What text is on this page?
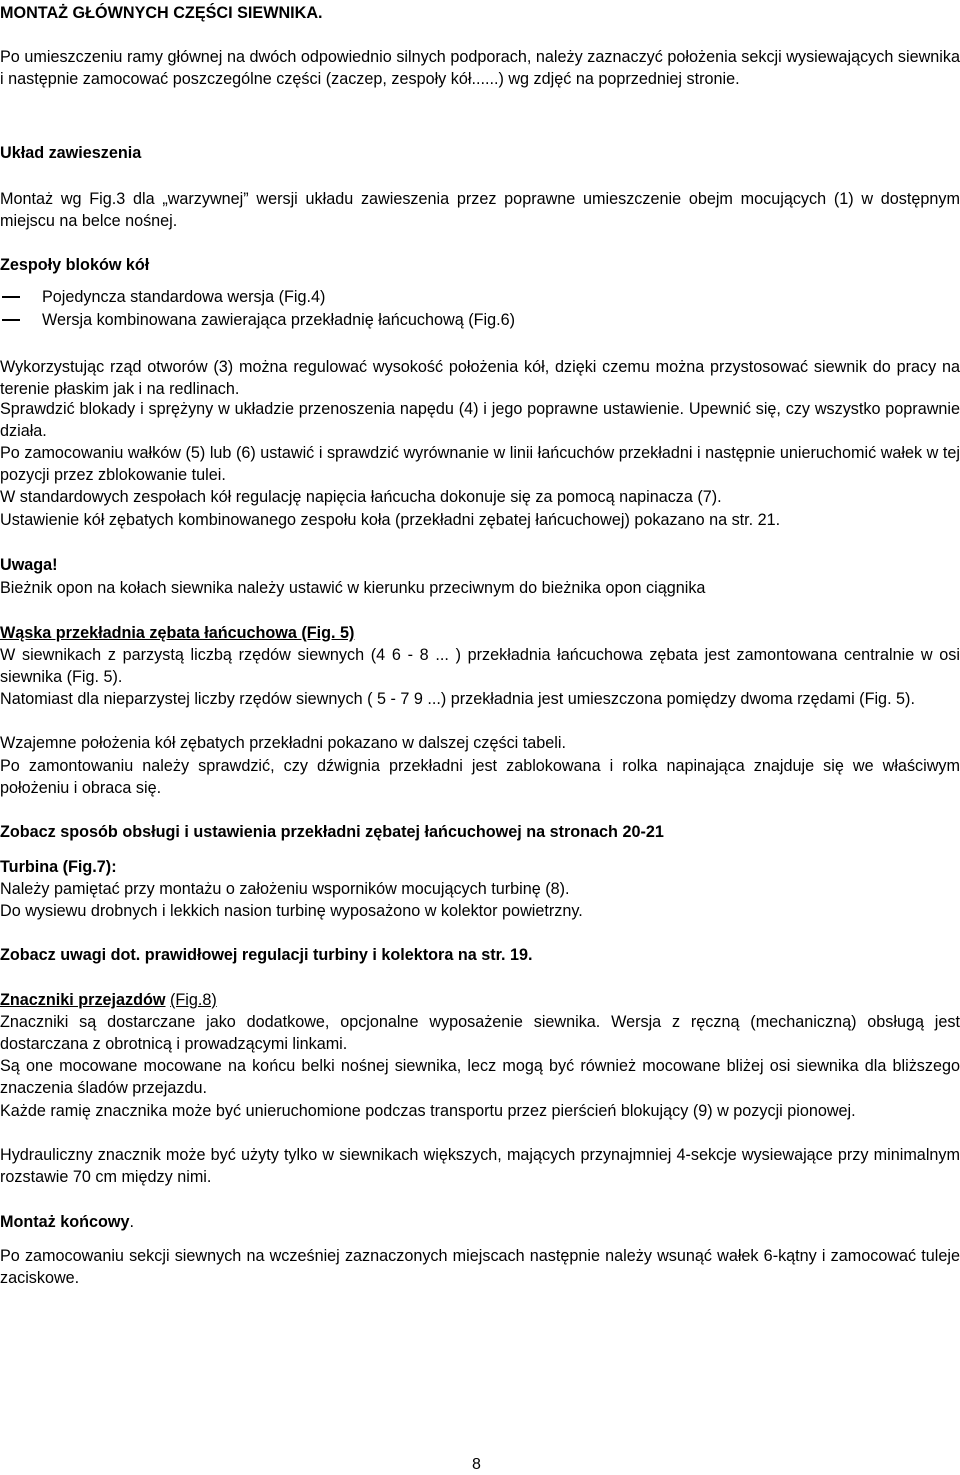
MONTAŻ GŁÓWNYCH CZĘŚCI SIEWNIKA.
Po umieszczeniu ramy głównej na dwóch odpowiednio silnych podporach, należy zaznaczyć położenia sekcji wysiewających siewnika i następnie zamocować poszczególne części (zaczep, zespoły kół......) wg zdjęć na poprzedniej stronie.
Układ zawieszenia
Montaż wg Fig.3 dla „warzywnej” wersji układu zawieszenia przez poprawne umieszczenie obejm mocujących (1) w dostępnym miejscu na belce nośnej.
Zespoły bloków kół
Pojedyncza standardowa wersja (Fig.4)
Wersja kombinowana zawierająca przekładnię łańcuchową (Fig.6)
Wykorzystując rząd otworów (3) można regulować wysokość położenia kół, dzięki czemu można przystosować siewnik do pracy na terenie płaskim jak i na redlinach.
Sprawdzić blokady i sprężyny w układzie przenoszenia napędu (4) i jego poprawne ustawienie. Upewnić się, czy wszystko poprawnie działa.
Po zamocowaniu wałków (5) lub (6) ustawić i sprawdzić wyrównanie w linii łańcuchów przekładni i następnie unieruchomić wałek w tej pozycji przez zblokowanie tulei.
W standardowych zespołach kół regulację napięcia łańcucha dokonuje się za pomocą napinacza (7).
Ustawienie kół zębatych kombinowanego zespołu koła (przekładni zębatej łańcuchowej) pokazano na str. 21.
Uwaga!
Bieżnik opon na kołach siewnika należy ustawić w kierunku przeciwnym do bieżnika opon ciągnika
Wąska przekładnia zębata łańcuchowa (Fig. 5)
W siewnikach z parzystą liczbą rzędów siewnych (4 6 - 8 ... ) przekładnia łańcuchowa zębata jest zamontowana centralnie w osi siewnika (Fig. 5).
Natomiast dla nieparzystej liczby rzędów siewnych ( 5 - 7 9 ...) przekładnia jest umieszczona pomiędzy dwoma rzędami (Fig. 5).
Wzajemne położenia kół zębatych przekładni pokazano w dalszej części tabeli.
Po zamontowaniu należy sprawdzić, czy dźwignia przekładni jest zablokowana i rolka napinająca znajduje się we właściwym położeniu i obraca się.
Zobacz sposób obsługi i ustawienia przekładni zębatej łańcuchowej na stronach 20-21
Turbina (Fig.7):
Należy pamiętać przy montażu o założeniu wsporników mocujących turbinę (8).
Do wysiewu drobnych i lekkich nasion turbinę wyposażono w kolektor powietrzny.
Zobacz uwagi dot. prawidłowej regulacji turbiny i kolektora na str. 19.
Znaczniki przejazdów (Fig.8)
Znaczniki są dostarczane jako dodatkowe, opcjonalne wyposażenie siewnika. Wersja z ręczną (mechaniczną) obsługą jest dostarczana z obrotnicą i prowadzącymi linkami.
Są one mocowane mocowane na końcu belki nośnej siewnika, lecz mogą być również mocowane bliżej osi siewnika dla bliższego znaczenia śladów przejazdu.
Każde ramię znacznika może być unieruchomione podczas transportu przez pierścień blokujący (9) w pozycji pionowej.
Hydrauliczny znacznik może być użyty tylko w siewnikach większych, mających przynajmniej 4-sekcje wysiewające przy minimalnym rozstawie 70 cm między nimi.
Montaż końcowy.
Po zamocowaniu sekcji siewnych na wcześniej zaznaczonych miejscach następnie należy wsunąć wałek 6-kątny i zamocować tuleje zaciskowe.
8
